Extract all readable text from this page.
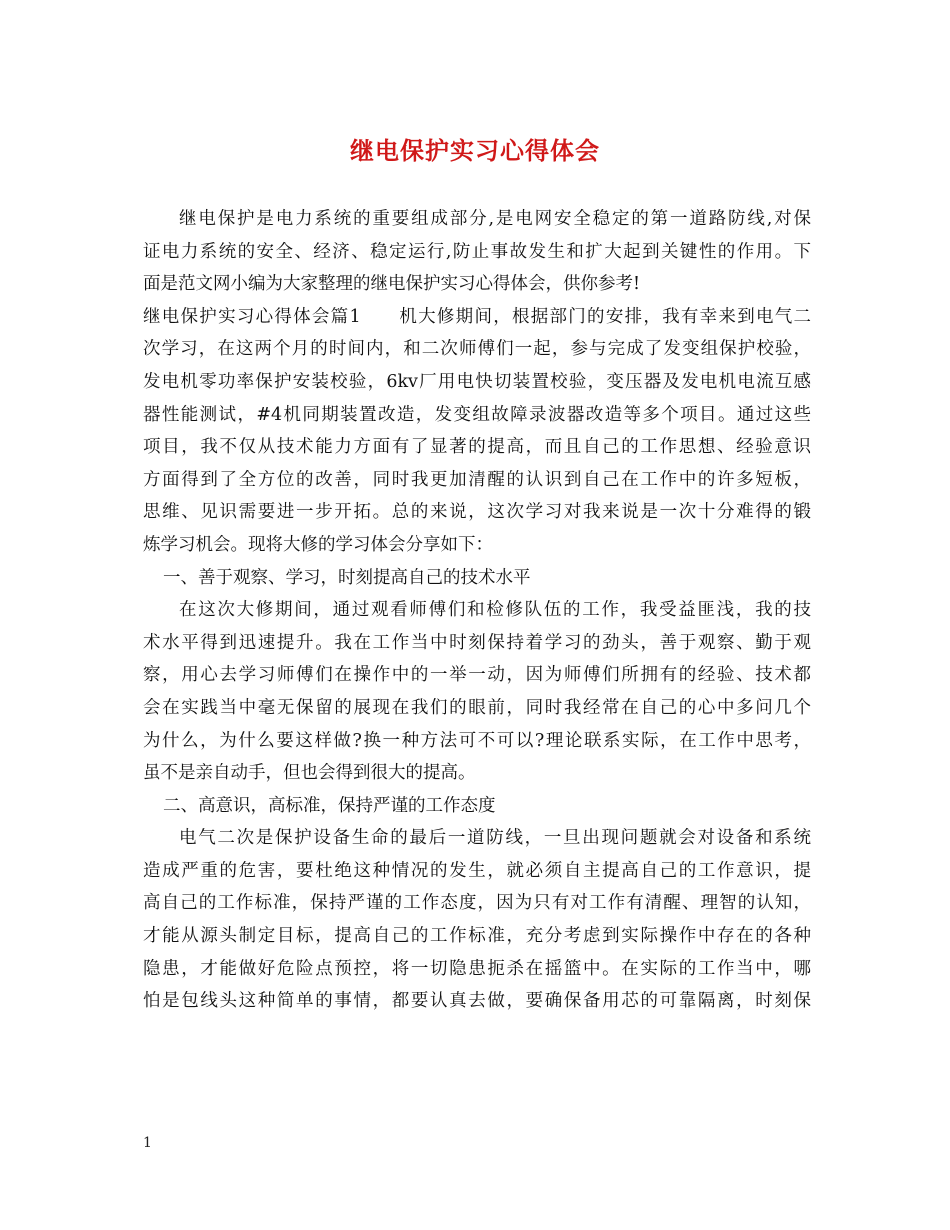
继电保护实习心得体会
继电保护是电力系统的重要组成部分,是电网安全稳定的第一道路防线,对保
证电力系统的安全、经济、稳定运行,防止事故发生和扩大起到关键性的作用。下
面是范文网小编为大家整理的继电保护实习心得体会，供你参考!
继电保护实习心得体会篇1　　机大修期间，根据部门的安排，我有幸来到电气二
次学习，在这两个月的时间内，和二次师傅们一起，参与完成了发变组保护校验，
发电机零功率保护安装校验，6kv厂用电快切装置校验，变压器及发电机电流互感
器性能测试，#4机同期装置改造，发变组故障录波器改造等多个项目。通过这些
项目，我不仅从技术能力方面有了显著的提高，而且自己的工作思想、经验意识
方面得到了全方位的改善，同时我更加清醒的认识到自己在工作中的许多短板，
思维、见识需要进一步开拓。总的来说，这次学习对我来说是一次十分难得的锻
炼学习机会。现将大修的学习体会分享如下：
一、善于观察、学习，时刻提高自己的技术水平
在这次大修期间，通过观看师傅们和检修队伍的工作，我受益匪浅，我的技
术水平得到迅速提升。我在工作当中时刻保持着学习的劲头，善于观察、勤于观
察，用心去学习师傅们在操作中的一举一动，因为师傅们所拥有的经验、技术都
会在实践当中毫无保留的展现在我们的眼前，同时我经常在自己的心中多问几个
为什么，为什么要这样做?换一种方法可不可以?理论联系实际，在工作中思考，
虽不是亲自动手，但也会得到很大的提高。
二、高意识，高标准，保持严谨的工作态度
电气二次是保护设备生命的最后一道防线，一旦出现问题就会对设备和系统
造成严重的危害，要杜绝这种情况的发生，就必须自主提高自己的工作意识，提
高自己的工作标准，保持严谨的工作态度，因为只有对工作有清醒、理智的认知，
才能从源头制定目标，提高自己的工作标准，充分考虑到实际操作中存在的各种
隐患，才能做好危险点预控，将一切隐患扼杀在摇篮中。在实际的工作当中，哪
怕是包线头这种简单的事情，都要认真去做，要确保备用芯的可靠隔离，时刻保
1
